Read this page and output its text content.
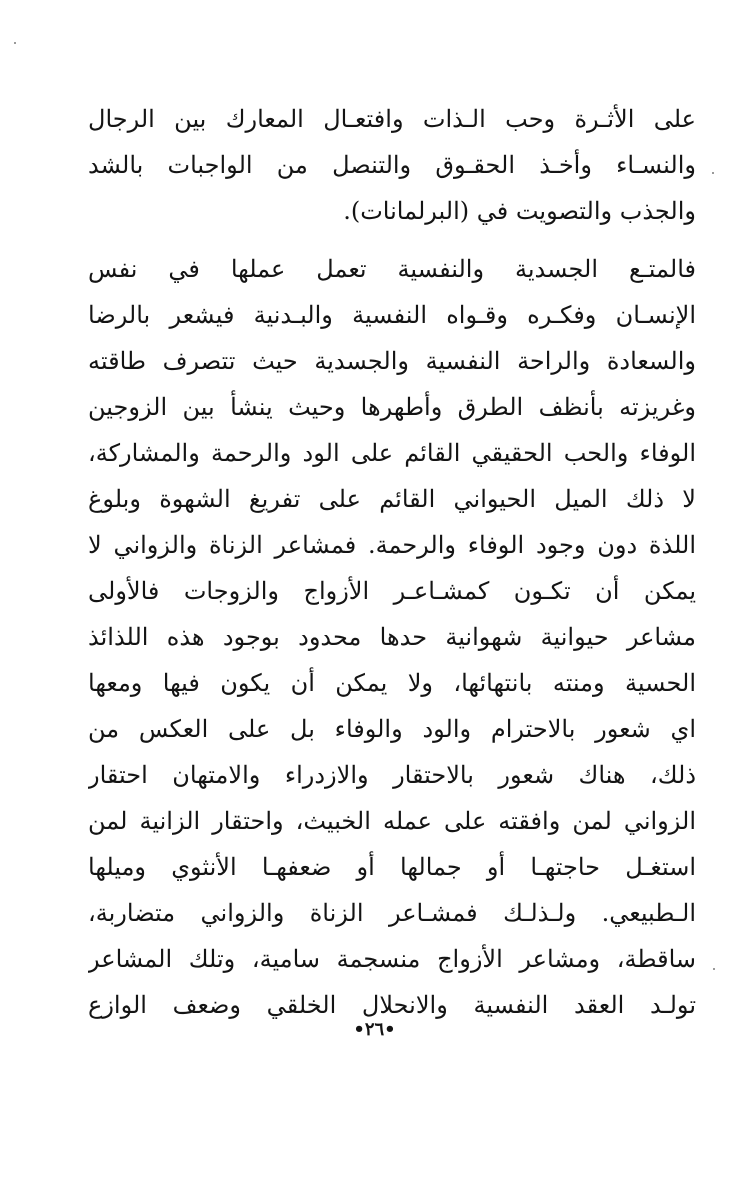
على الأثـرة وحب الـذات وافتعـال المعارك بين الرجال
والنسـاء وأخـذ الحقـوق والتنصل من الواجبات بالشد
والجذب والتصويت في (البرلمانات).
فالمتـع الجسدية والنفسية تعمل عملها في نفس
الإنسـان وفكـره وقـواه النفسية والبـدنية فيشعر بالرضا
والسعادة والراحة النفسية والجسدية حيث تتصرف طاقته
وغريزته بأنظف الطرق وأطهرها وحيث ينشأ بين الزوجين
الوفاء والحب الحقيقي القائم على الود والرحمة والمشاركة،
لا ذلك الميل الحيواني القائم على تفريغ الشهوة وبلوغ
اللذة دون وجود الوفاء والرحمة. فمشاعر الزناة والزواني لا
يمكن أن تكـون كمشـاعـر الأزواج والزوجات فالأولى
مشاعر حيوانية شهوانية حدها محدود بوجود هذه اللذائذ
الحسية ومنته بانتهائها، ولا يمكن أن يكون فيها ومعها
اي شعور بالاحترام والود والوفاء بل على العكس من
ذلك، هناك شعور بالاحتقار والازدراء والامتهان احتقار
الزواني لمن وافقته على عمله الخبيث، واحتقار الزانية لمن
استغـل حاجتهـا أو جمالها أو ضعفهـا الأنثوي وميلها
الـطبيعي. ولـذلـك فمشـاعر الزناة والزواني متضاربة،
ساقطة، ومشاعر الأزواج منسجمة سامية، وتلك المشاعر
تولـد العقد النفسية والانحلال الخلقي وضعف الوازع
•٢٦•
